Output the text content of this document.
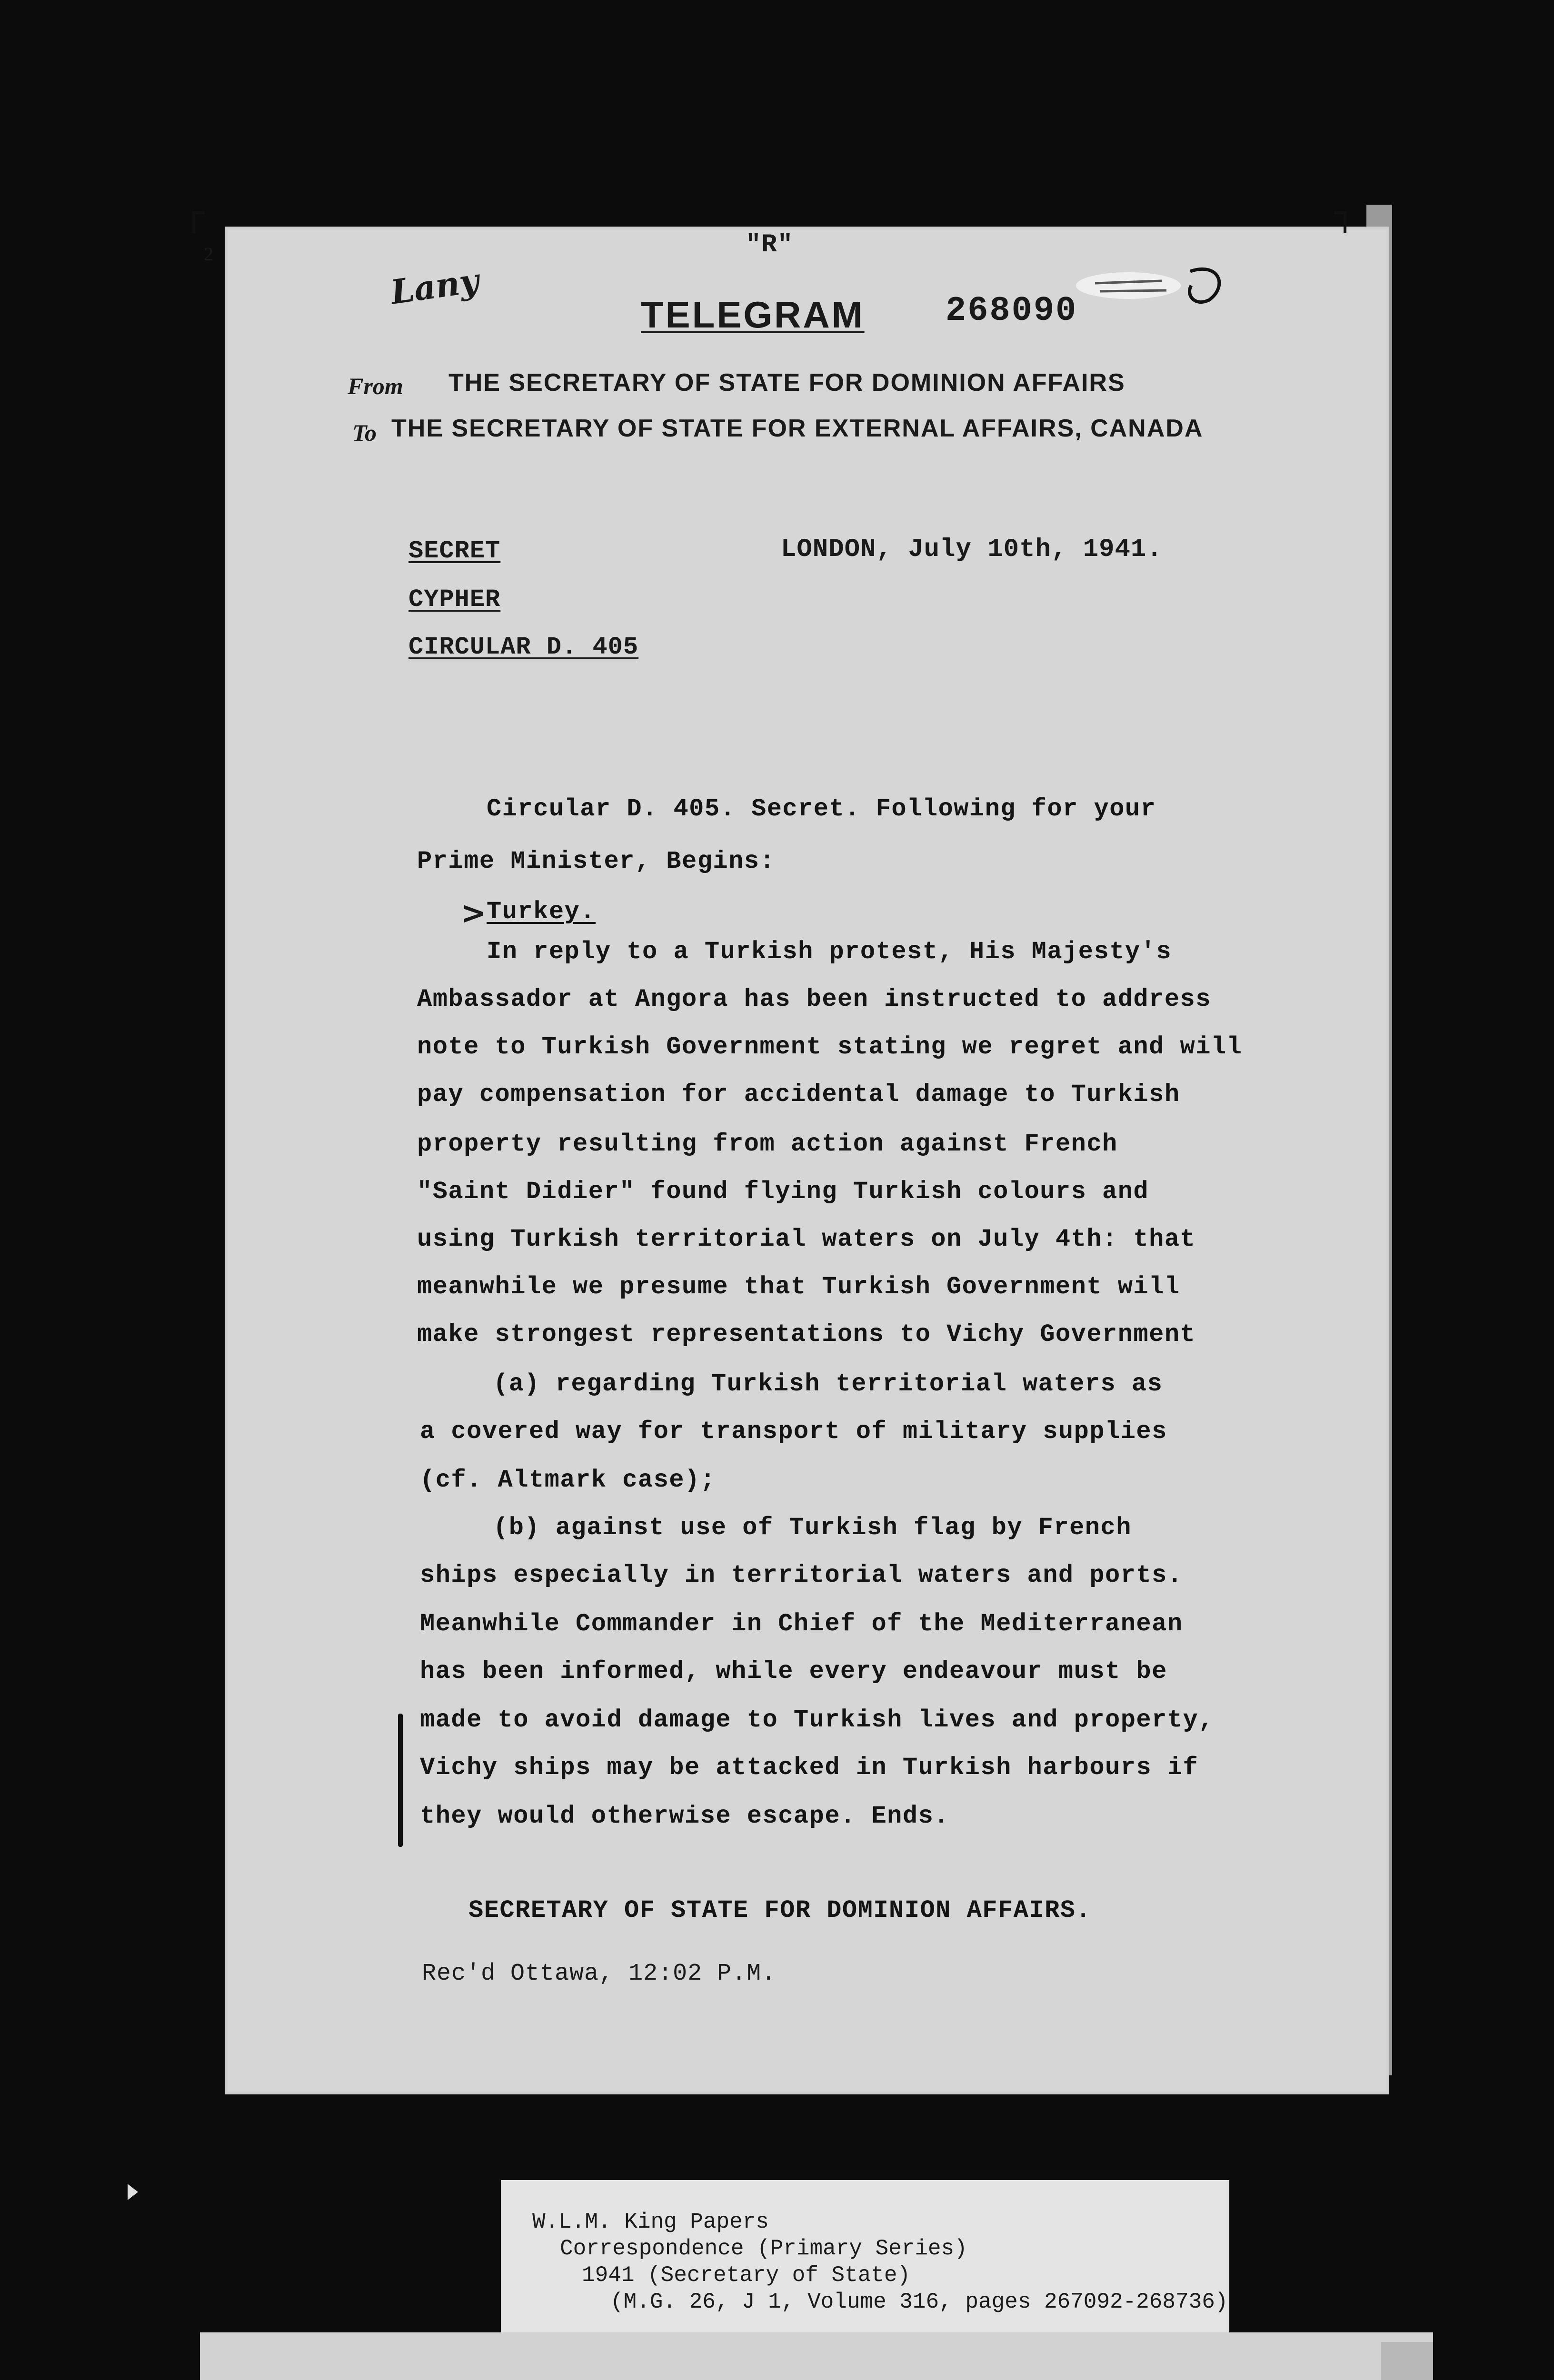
2	"R"
Lany
TELEGRAM 268090
From THE SECRETARY OF STATE FOR DOMINION AFFAIRS
To THE SECRETARY OF STATE FOR EXTERNAL AFFAIRS, CANADA
SECRET
CYPHER
CIRCULAR D. 405
LONDON, July 10th, 1941.
Circular D. 405. Secret. Following for your
Prime Minister, Begins:
> Turkey.
In reply to a Turkish protest, His Majesty's
Ambassador at Angora has been instructed to address
note to Turkish Government stating we regret and will
pay compensation for accidental damage to Turkish
property resulting from action against French
"Saint Didier" found flying Turkish colours and
using Turkish territorial waters on July 4th: that
meanwhile we presume that Turkish Government will
make strongest representations to Vichy Government
(a) regarding Turkish territorial waters as
a covered way for transport of military supplies
(cf. Altmark case);
(b) against use of Turkish flag by French
ships especially in territorial waters and ports.
Meanwhile Commander in Chief of the Mediterranean
has been informed, while every endeavour must be
made to avoid damage to Turkish lives and property,
Vichy ships may be attacked in Turkish harbours if
they would otherwise escape. Ends.
SECRETARY OF STATE FOR DOMINION AFFAIRS.
Rec'd Ottawa, 12:02 P.M.
W.L.M. King Papers
Correspondence (Primary Series)
1941 (Secretary of State)
(M.G. 26, J 1, Volume 316, pages 267092-268736)
